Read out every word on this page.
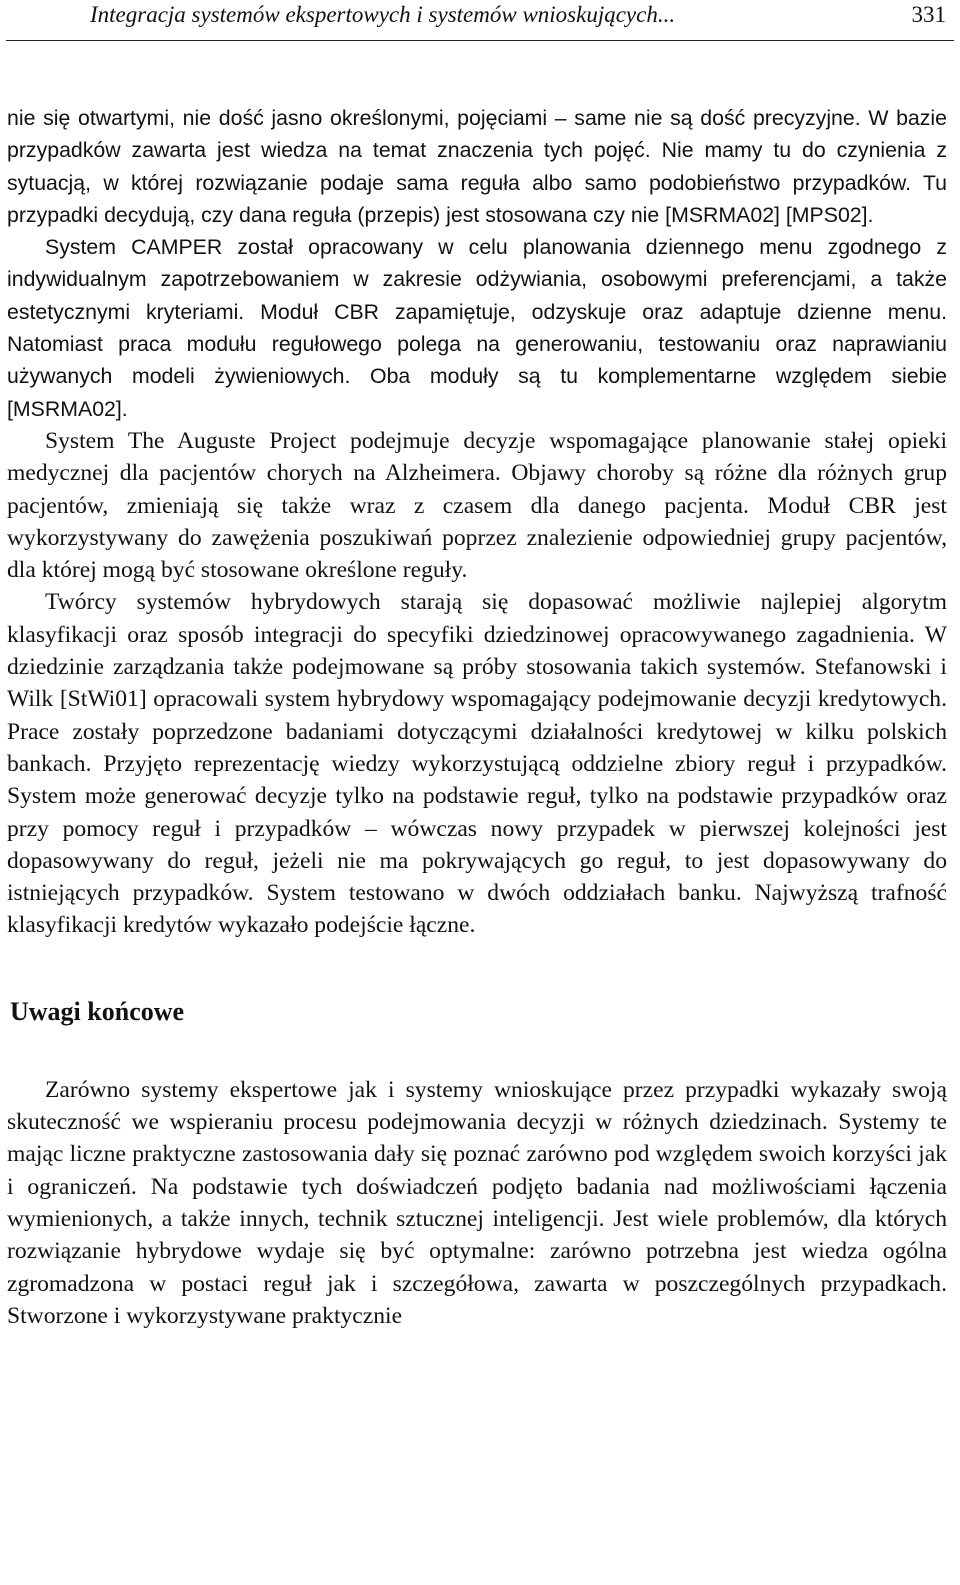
Integracja systemów ekspertowych i systemów wnioskujących...	331

nie się otwartymi, nie dość jasno określonymi, pojęciami – same nie są dość precyzyjne. W bazie przypadków zawarta jest wiedza na temat znaczenia tych pojęć. Nie mamy tu do czynienia z sytuacją, w której rozwiązanie podaje sama reguła albo samo podobieństwo przypadków. Tu przypadki decydują, czy dana reguła (przepis) jest stosowana czy nie [MSRMA02] [MPS02].

System CAMPER został opracowany w celu planowania dziennego menu zgodnego z indywidualnym zapotrzebowaniem w zakresie odżywiania, osobowymi preferencjami, a także estetycznymi kryteriami. Moduł CBR zapamiętuje, odzyskuje oraz adaptuje dzienne menu. Natomiast praca modułu regułowego polega na generowaniu, testowaniu oraz naprawianiu używanych modeli żywieniowych. Oba moduły są tu komplementarne względem siebie [MSRMA02].

System The Auguste Project podejmuje decyzje wspomagające planowanie stałej opieki medycznej dla pacjentów chorych na Alzheimera. Objawy choroby są różne dla różnych grup pacjentów, zmieniają się także wraz z czasem dla danego pacjenta. Moduł CBR jest wykorzystywany do zawężenia poszukiwań poprzez znalezienie odpowiedniej grupy pacjentów, dla której mogą być stosowane określone reguły.

Twórcy systemów hybrydowych starają się dopasować możliwie najlepiej algorytm klasyfikacji oraz sposób integracji do specyfiki dziedzinowej opracowywanego zagadnienia. W dziedzinie zarządzania także podejmowane są próby stosowania takich systemów. Stefanowski i Wilk [StWi01] opracowali system hybrydowy wspomagający podejmowanie decyzji kredytowych. Prace zostały poprzedzone badaniami dotyczącymi działalności kredytowej w kilku polskich bankach. Przyjęto reprezentację wiedzy wykorzystującą oddzielne zbiory reguł i przypadków. System może generować decyzje tylko na podstawie reguł, tylko na podstawie przypadków oraz przy pomocy reguł i przypadków – wówczas nowy przypadek w pierwszej kolejności jest dopasowywany do reguł, jeżeli nie ma pokrywających go reguł, to jest dopasowywany do istniejących przypadków. System testowano w dwóch oddziałach banku. Najwyższą trafność klasyfikacji kredytów wykazało podejście łączne.

Uwagi końcowe

Zarówno systemy ekspertowe jak i systemy wnioskujące przez przypadki wykazały swoją skuteczność we wspieraniu procesu podejmowania decyzji w różnych dziedzinach. Systemy te mając liczne praktyczne zastosowania dały się poznać zarówno pod względem swoich korzyści jak i ograniczeń. Na podstawie tych doświadczeń podjęto badania nad możliwościami łączenia wymienionych, a także innych, technik sztucznej inteligencji. Jest wiele problemów, dla których rozwiązanie hybrydowe wydaje się być optymalne: zarówno potrzebna jest wiedza ogólna zgromadzona w postaci reguł jak i szczegółowa, zawarta w poszczególnych przypadkach. Stworzone i wykorzystywane praktycznie
